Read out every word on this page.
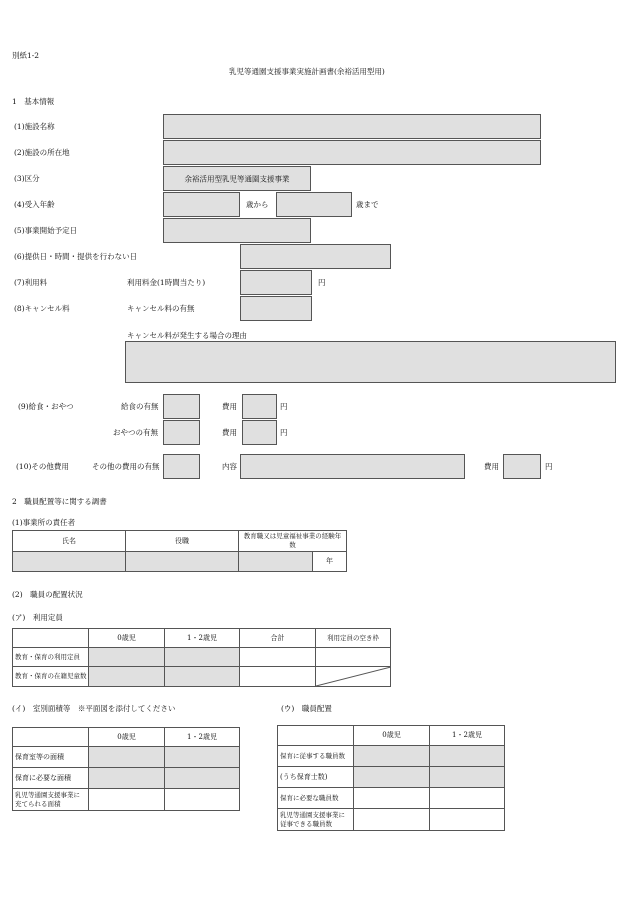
別紙1-2
乳児等通園支援事業実施計画書(余裕活用型用)
1　基本情報
(1)施設名称
(2)施設の所在地
(3)区分	余裕活用型乳児等通園支援事業
(4)受入年齢	歳から	歳まで
(5)事業開始予定日
(6)提供日・時間・提供を行わない日
(7)利用料	利用料金(1時間当たり)	円
(8)キャンセル料	キャンセル料の有無
キャンセル料が発生する場合の理由
(9)給食・おやつ	給食の有無	費用	円
おやつの有無	費用	円
(10)その他費用	その他の費用の有無	内容	費用	円
2　職員配置等に関する調書
(1)事業所の責任者
氏名	役職	教育職又は児童福祉事業の経験年数	
			年
(2)　職員の配置状況
(ア)　利用定員
	0歳児	1・2歳児	合計	利用定員の空き枠
教育・保育の利用定員				
教育・保育の在籍児童数				
(イ)　室別面積等　※平面図を添付してください
	0歳児	1・2歳児
保育室等の面積		
保育に必要な面積		
乳児等通園支援事業に充てられる面積		
(ウ)　職員配置
	0歳児	1・2歳児
保育に従事する職員数		
(うち保育士数)		
保育に必要な職員数		
乳児等通園支援事業に従事できる職員数		
